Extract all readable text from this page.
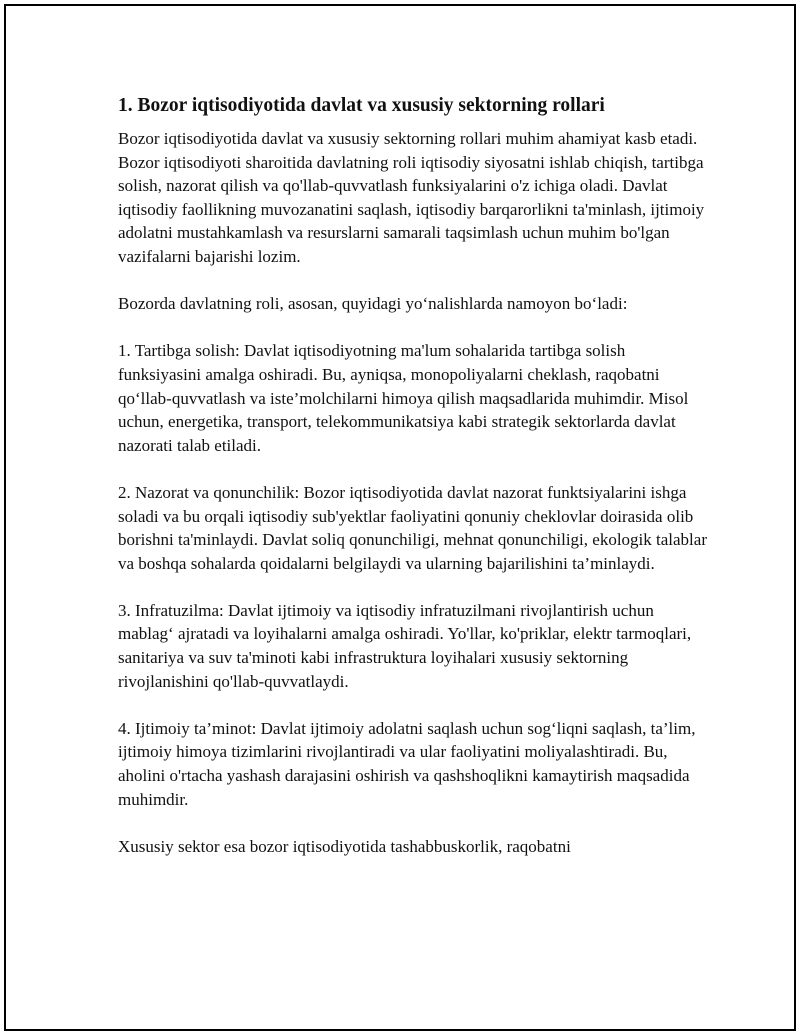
1. Bozor iqtisodiyotida davlat va xususiy sektorning rollari

Bozor iqtisodiyotida davlat va xususiy sektorning rollari muhim ahamiyat kasb etadi. Bozor iqtisodiyoti sharoitida davlatning roli iqtisodiy siyosatni ishlab chiqish, tartibga solish, nazorat qilish va qo'llab-quvvatlash funksiyalarini o'z ichiga oladi. Davlat iqtisodiy faollikning muvozanatini saqlash, iqtisodiy barqarorlikni ta'minlash, ijtimoiy adolatni mustahkamlash va resurslarni samarali taqsimlash uchun muhim bo'lgan vazifalarni bajarishi lozim.

Bozorda davlatning roli, asosan, quyidagi yo‘nalishlarda namoyon bo‘ladi:

1. Tartibga solish: Davlat iqtisodiyotning ma'lum sohalarida tartibga solish funksiyasini amalga oshiradi. Bu, ayniqsa, monopoliyalarni cheklash, raqobatni qo‘llab-quvvatlash va iste’molchilarni himoya qilish maqsadlarida muhimdir. Misol uchun, energetika, transport, telekommunikatsiya kabi strategik sektorlarda davlat nazorati talab etiladi.

2. Nazorat va qonunchilik: Bozor iqtisodiyotida davlat nazorat funktsiyalarini ishga soladi va bu orqali iqtisodiy sub'yektlar faoliyatini qonuniy cheklovlar doirasida olib borishni ta'minlaydi. Davlat soliq qonunchiligi, mehnat qonunchiligi, ekologik talablar va boshqa sohalarda qoidalarni belgilaydi va ularning bajarilishini ta’minlaydi.

3. Infratuzilma: Davlat ijtimoiy va iqtisodiy infratuzilmani rivojlantirish uchun mablag‘ ajratadi va loyihalarni amalga oshiradi. Yo'llar, ko'priklar, elektr tarmoqlari, sanitariya va suv ta'minoti kabi infrastruktura loyihalari xususiy sektorning rivojlanishini qo'llab-quvvatlaydi.

4. Ijtimoiy ta’minot: Davlat ijtimoiy adolatni saqlash uchun sog‘liqni saqlash, ta’lim, ijtimoiy himoya tizimlarini rivojlantiradi va ular faoliyatini moliyalashtiradi. Bu, aholini o'rtacha yashash darajasini oshirish va qashshoqlikni kamaytirish maqsadida muhimdir.

Xususiy sektor esa bozor iqtisodiyotida tashabbuskorlik, raqobatni
